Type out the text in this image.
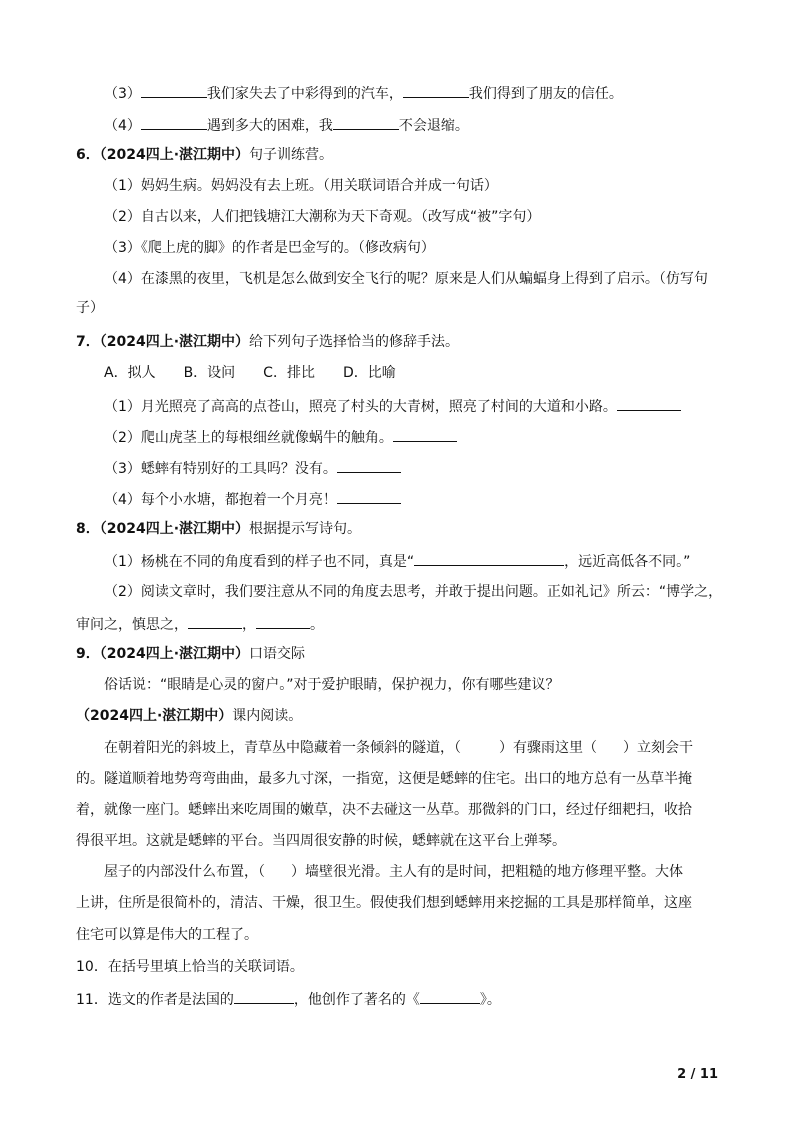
（3）	我们家失去了中彩得到的汽车，	我们得到了朋友的信任。
（4）	遇到多大的困难，我	不会退缩。
6．（2024四上·湛江期中）句子训练营。
（1）妈妈生病。妈妈没有去上班。（用关联词语合并成一句话）
（2）自古以来，人们把钱塘江大潮称为天下奇观。（改写成“被”字句）
（3）《爬上虎的脚》的作者是巴金写的。（修改病句）
（4）在漆黑的夜里，飞机是怎么做到安全飞行的呢？原来是人们从蝙蝠身上得到了启示。（仿写句
子）
7．（2024四上·湛江期中）给下列句子选择恰当的修辞手法。
A．拟人　　B．设问　　C．排比　　D．比喻
（1）月光照亮了高高的点苍山，照亮了村头的大青树，照亮了村间的大道和小路。
（2）爬山虎茎上的每根细丝就像蜗牛的触角。
（3）蟋蟀有特别好的工具吗？没有。
（4）每个小水塘，都抱着一个月亮！
8．（2024四上·湛江期中）根据提示写诗句。
（1）杨桃在不同的角度看到的样子也不同，真是“	，远近高低各不同。”
（2）阅读文章时，我们要注意从不同的角度去思考，并敢于提出问题。正如礼记》所云：“博学之，
审问之，慎思之，	，	。
9．（2024四上·湛江期中）口语交际
俗话说：“眼睛是心灵的窗户。”对于爱护眼睛，保护视力，你有哪些建议？
（2024四上·湛江期中）课内阅读。
在朝着阳光的斜坡上，青草丛中隐藏着一条倾斜的隧道，（	）有骤雨这里（ ）立刻会干
的。隧道顺着地势弯弯曲曲，最多九寸深，一指宽，这便是蟋蟀的住宅。出口的地方总有一丛草半掩
着，就像一座门。蟋蟀出来吃周围的嫩草，决不去碰这一丛草。那微斜的门口，经过仔细耙扫，收拾
得很平坦。这就是蟋蟀的平台。当四周很安静的时候，蟋蟀就在这平台上弹琴。
屋子的内部没什么布置，（ ）墙壁很光滑。主人有的是时间，把粗糙的地方修理平整。大体
上讲，住所是很简朴的，清洁、干燥，很卫生。假使我们想到蟋蟀用来挖掘的工具是那样简单，这座
住宅可以算是伟大的工程了。
10．在括号里填上恰当的关联词语。
11．选文的作者是法国的	，他创作了著名的《	》。
2 / 11
